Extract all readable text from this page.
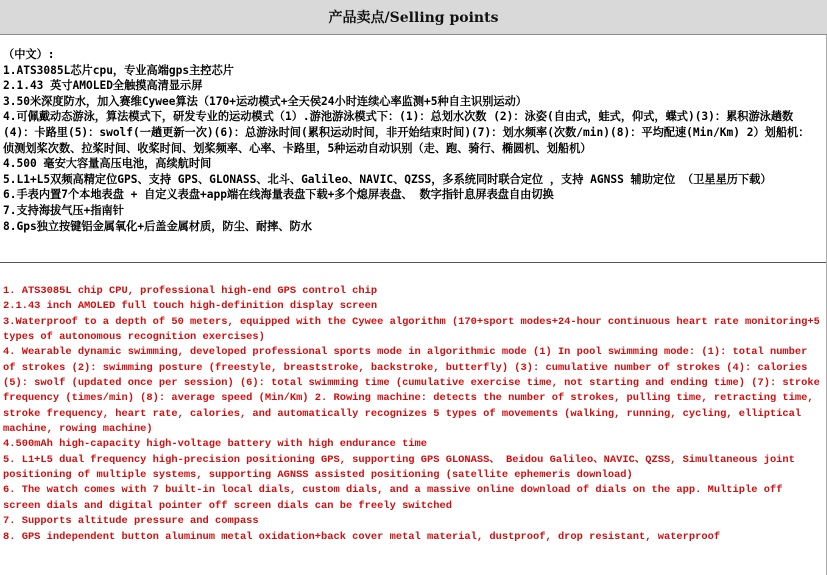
产品卖点/Selling points
（中文）:
1.ATS3085L芯片cpu，专业高端gps主控芯片
2.1.43 英寸AMOLED全触摸高清显示屏
3.50米深度防水，加入赛维Cywee算法（170+运动模式+全天侯24小时连续心率监测+5种自主识别运动）
4.可佩戴动态游泳，算法模式下，研发专业的运动模式（1）.游池游泳模式下：(1)：总划水次数 (2)：泳姿(自由式，蛙式，仰式，蝶式)(3)：累积游泳趟数 (4)：卡路里(5)：swolf(一趟更新一次)(6)：总游泳时间(累积运动时间，非开始结束时间)(7)：划水频率(次数/min)(8)：平均配速(Min/Km) 2）划船机：侦测划桨次数、拉桨时间、收桨时间、划桨频率、心率、卡路里，5种运动自动识别（走、跑、骑行、椭圆机、划船机）
4.500 毫安大容量高压电池，高续航时间
5.L1+L5双频高精定位GPS、支持 GPS、GLONASS、北斗、Galileo、NAVIC、QZSS，多系统同时联合定位 ，支持 AGNSS 辅助定位 （卫星星历下载）
6.手表内置7个本地表盘 + 自定义表盘+app端在线海量表盘下载+多个熄屏表盘、 数字指针息屏表盘自由切换
7.支持海拔气压+指南针
8.Gps独立按键铝金属氧化+后盖金属材质，防尘、耐摔、防水
1. ATS3085L chip CPU, professional high-end GPS control chip
2.1.43 inch AMOLED full touch high-definition display screen
3.Waterproof to a depth of 50 meters, equipped with the Cywee algorithm (170+sport modes+24-hour continuous heart rate monitoring+5 types of autonomous recognition exercises)
4. Wearable dynamic swimming, developed professional sports mode in algorithmic mode (1) In pool swimming mode: (1): total number of strokes (2): swimming posture (freestyle, breaststroke, backstroke, butterfly) (3): cumulative number of strokes (4): calories (5): swolf (updated once per session) (6): total swimming time (cumulative exercise time, not starting and ending time) (7): stroke frequency (times/min) (8): average speed (Min/Km) 2. Rowing machine: detects the number of strokes, pulling time, retracting time, stroke frequency, heart rate, calories, and automatically recognizes 5 types of movements (walking, running, cycling, elliptical machine, rowing machine)
4.500mAh high-capacity high-voltage battery with high endurance time
5. L1+L5 dual frequency high-precision positioning GPS, supporting GPS GLONASS、 Beidou Galileo、NAVIC、QZSS, Simultaneous joint positioning of multiple systems, supporting AGNSS assisted positioning (satellite ephemeris download)
6. The watch comes with 7 built-in local dials, custom dials, and a massive online download of dials on the app. Multiple off screen dials and digital pointer off screen dials can be freely switched
7. Supports altitude pressure and compass
8. GPS independent button aluminum metal oxidation+back cover metal material, dustproof, drop resistant, waterproof
